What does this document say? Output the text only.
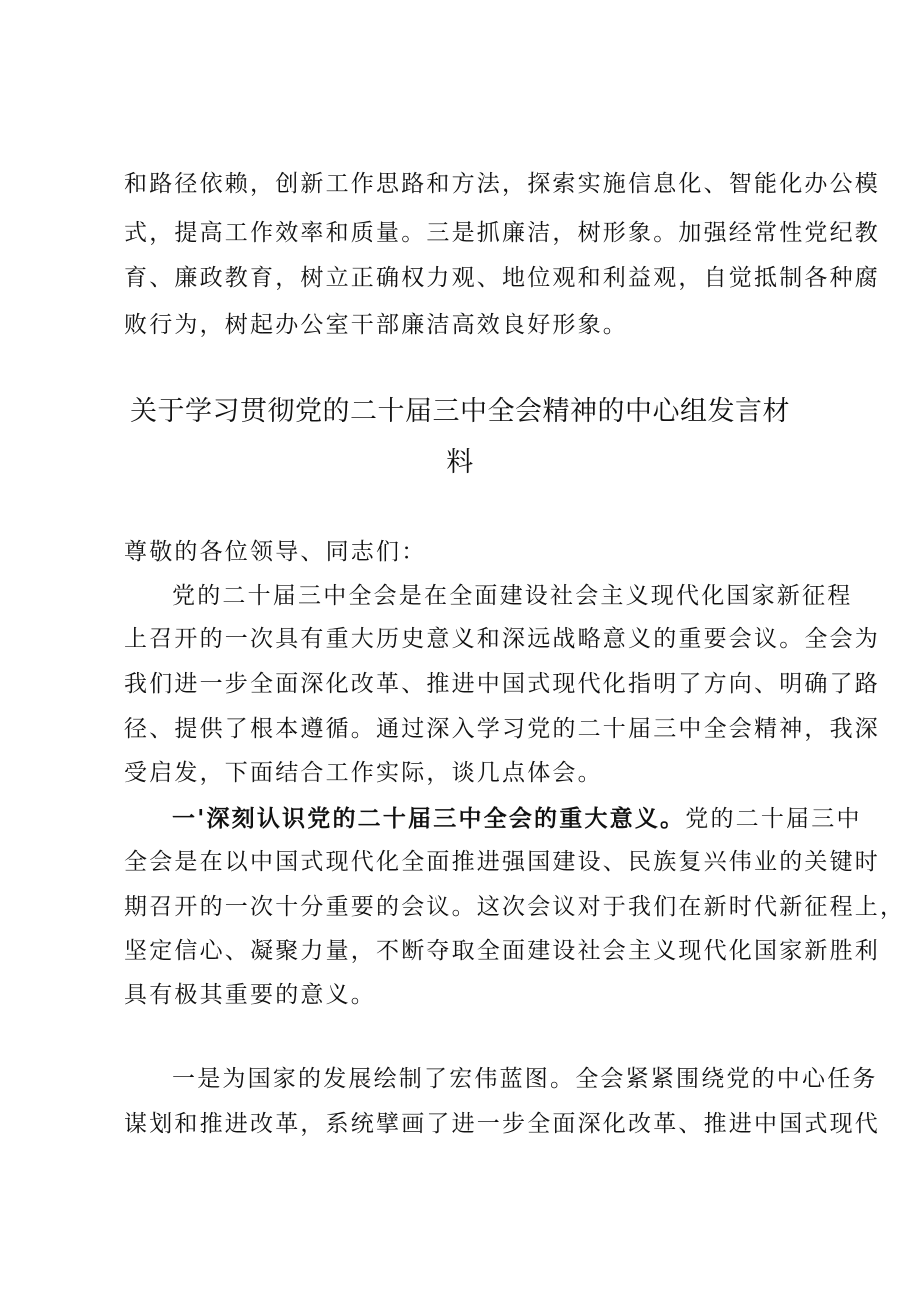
和路径依赖，创新工作思路和方法，探索实施信息化、智能化办公模
式，提高工作效率和质量。三是抓廉洁，树形象。加强经常性党纪教
育、廉政教育，树立正确权力观、地位观和利益观，自觉抵制各种腐
败行为，树起办公室干部廉洁高效良好形象。
关于学习贯彻党的二十届三中全会精神的中心组发言材
料
尊敬的各位领导、同志们：
党的二十届三中全会是在全面建设社会主义现代化国家新征程
上召开的一次具有重大历史意义和深远战略意义的重要会议。全会为
我们进一步全面深化改革、推进中国式现代化指明了方向、明确了路
径、提供了根本遵循。通过深入学习党的二十届三中全会精神，我深
受启发，下面结合工作实际，谈几点体会。
一'深刻认识党的二十届三中全会的重大意义。党的二十届三中
全会是在以中国式现代化全面推进强国建设、民族复兴伟业的关键时
期召开的一次十分重要的会议。这次会议对于我们在新时代新征程上，
坚定信心、凝聚力量，不断夺取全面建设社会主义现代化国家新胜利
具有极其重要的意义。
一是为国家的发展绘制了宏伟蓝图。全会紧紧围绕党的中心任务
谋划和推进改革，系统擘画了进一步全面深化改革、推进中国式现代
